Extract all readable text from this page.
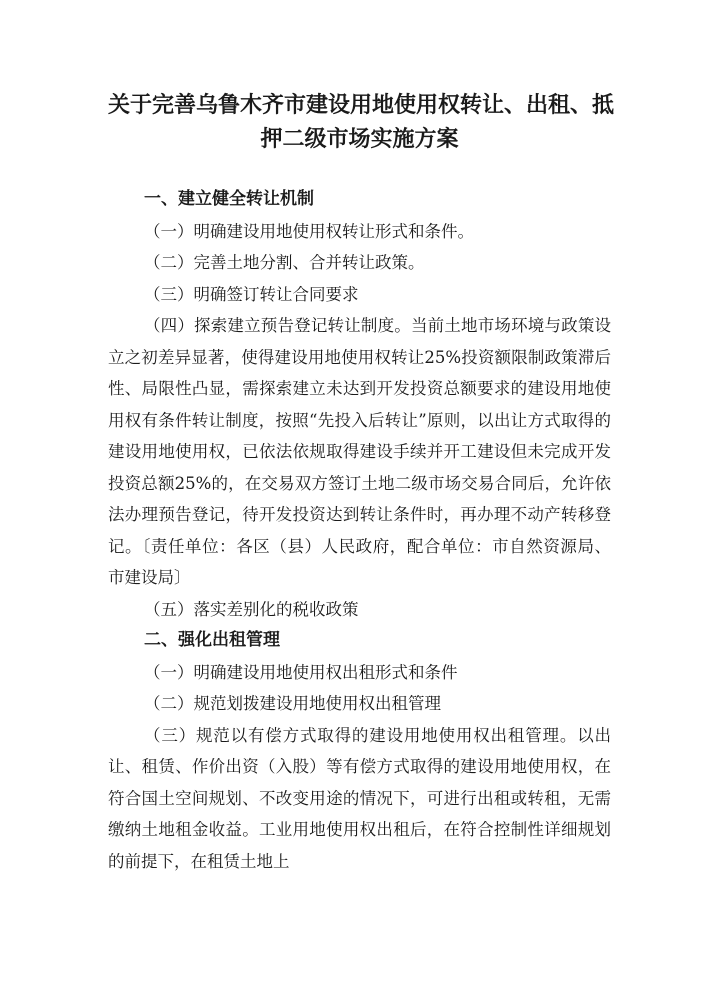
关于完善乌鲁木齐市建设用地使用权转让、出租、抵
押二级市场实施方案

一、建立健全转让机制

（一）明确建设用地使用权转让形式和条件。

（二）完善土地分割、合并转让政策。

（三）明确签订转让合同要求

（四）探索建立预告登记转让制度。当前土地市场环境与政策设立之初差异显著，使得建设用地使用权转让25%投资额限制政策滞后性、局限性凸显，需探索建立未达到开发投资总额要求的建设用地使用权有条件转让制度，按照“先投入后转让”原则，以出让方式取得的建设用地使用权，已依法依规取得建设手续并开工建设但未完成开发投资总额25%的，在交易双方签订土地二级市场交易合同后，允许依法办理预告登记，待开发投资达到转让条件时，再办理不动产转移登记。〔责任单位：各区（县）人民政府，配合单位：市自然资源局、市建设局〕

（五）落实差别化的税收政策

二、强化出租管理

（一）明确建设用地使用权出租形式和条件

（二）规范划拨建设用地使用权出租管理

（三）规范以有偿方式取得的建设用地使用权出租管理。以出让、租赁、作价出资（入股）等有偿方式取得的建设用地使用权，在符合国土空间规划、不改变用途的情况下，可进行出租或转租，无需缴纳土地租金收益。工业用地使用权出租后，在符合控制性详细规划的前提下，在租赁土地上
